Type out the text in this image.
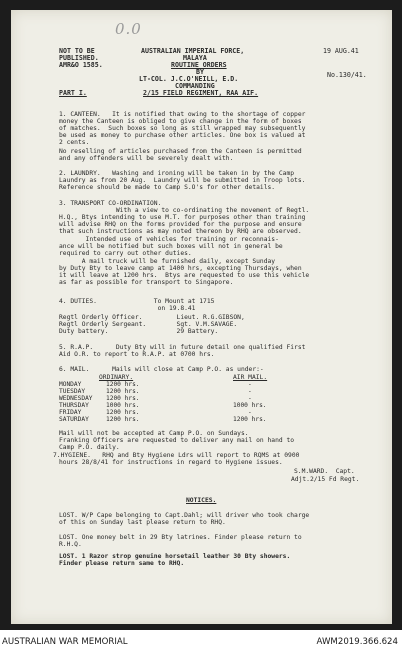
0.0
NOT TO BE
PUBLISHED.
AMR&O 1585.
AUSTRALIAN IMPERIAL FORCE,
MALAYA
ROUTINE ORDERS
BY
LT-COL. J.C.O'NEILL, E.D.
COMMANDING
2/15 FIELD REGIMENT, RAA AIF.
19 AUG.41
No.130/41.
PART I.
1. CANTEEN.   It is notified that owing to the shortage of copper
money the Canteen is obliged to give change in the form of boxes
of matches.  Such boxes so long as still wrapped may subsequently
be used as money to purchase other articles. One box is valued at
2 cents.
No reselling of articles purchased from the Canteen is permitted
and any offenders will be severely dealt with.
2. LAUNDRY.   Washing and ironing will be taken in by the Camp
Laundry as from 20 Aug.  Laundry will be submitted in Troop lots.
Reference should be made to Camp S.O's for other details.
3. TRANSPORT CO-ORDINATION.
With a view to co-ordinating the movement of Regtl.
H.Q., Btys intending to use M.T. for purposes other than training
will advise RHQ on the forms provided for the purpose and ensure
that such instructions as may noted thereon by RHQ are observed.
Intended use of vehicles for training or reconnais-
ance will be notified but such boxes will not in general be
required to carry out other duties.
A mail truck will be furnished daily, except Sunday
by Duty Bty to leave camp at 1400 hrs, excepting Thursdays, when
it will leave at 1200 hrs.  Btys are requested to use this vehicle
as far as possible for transport to Singapore.
4. DUTIES.               To Mount at 1715
on 19.8.41
Regtl Orderly Officer.         Lieut. R.G.GIBSON,
Regtl Orderly Sergeant.        Sgt. V.M.SAVAGE.
Duty battery.                  29 Battery.
5. R.A.P.      Duty Bty will in future detail one qualified First
Aid O.R. to report to R.A.P. at 0700 hrs.
6. MAIL.      Mails will close at Camp P.O. as under:-
ORDINARY.	AIR MAIL.
MONDAY	1200 hrs.	-
TUESDAY	1200 hrs.	-
WEDNESDAY 1200 hrs.	-
THURSDAY	1000 hrs.	1000 hrs.
FRIDAY	1200 hrs.	-
SATURDAY	1200 hrs.	1200 hrs.
Mail will not be accepted at Camp P.O. on Sundays.
Franking Officers are requested to deliver any mail on hand to
Camp P.O. daily.
7.HYGIENE.   RHQ and Bty Hygiene Ldrs will report to RQMS at 0900
hours 28/8/41 for instructions in regard to Hygiene issues.
S.M.WARD.  Capt.
Adjt.2/15 Fd Regt.
NOTICES.
LOST. W/P Cape belonging to Capt.Dahl; will driver who took charge
of this on Sunday last please return to RHQ.
LOST. One money belt in 29 Bty latrines. Finder please return to
R.H.Q.
LOST. 1 Razor strop genuine horsetail leather 30 Bty showers.
Finder please return same to RHQ.
AUSTRALIAN WAR MEMORIAL	AWM2019.366.624
